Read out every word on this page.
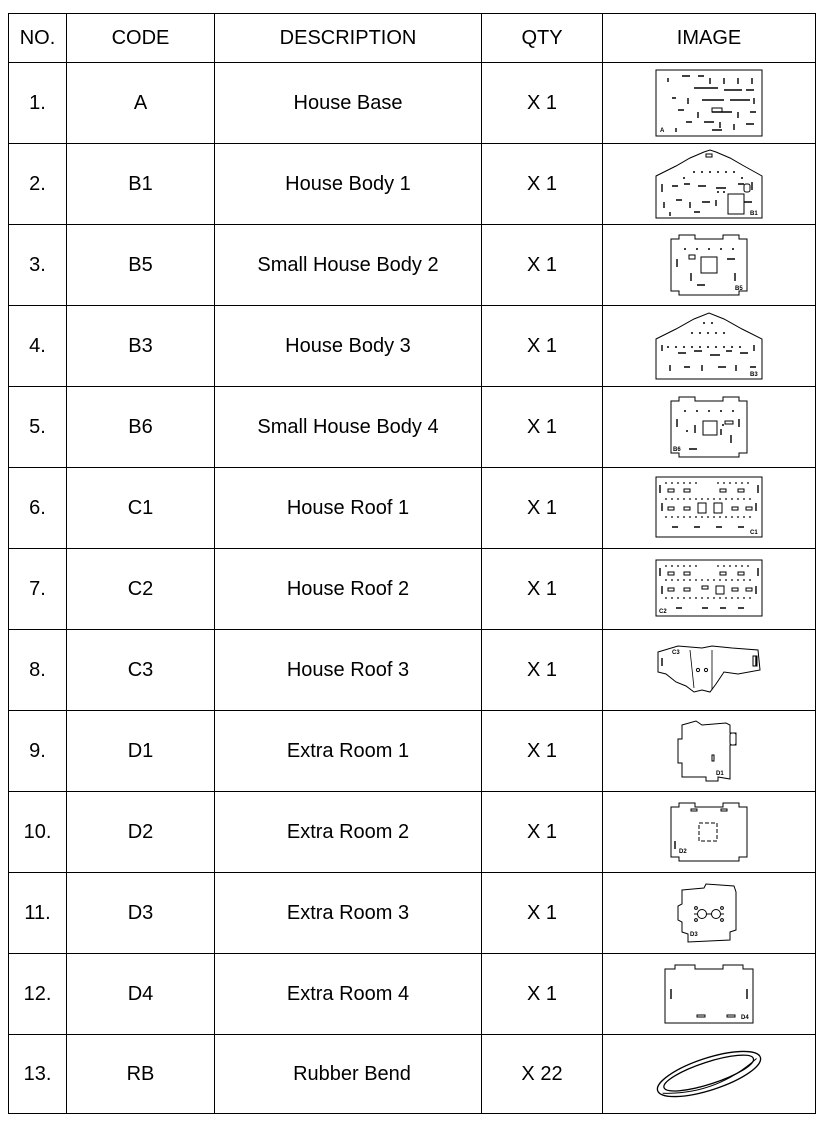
NO.	CODE	DESCRIPTION	QTY	IMAGE
1.	A	House Base	X 1	A

2.	B1	House Body 1	X 1	B1

3.	B5	Small House Body 2	X 1	B5

4.	B3	House Body 3	X 1	B3

5.	B6	Small House Body 4	X 1	B6

6.	C1	House Roof 1	X 1	C1

7.	C2	House Roof 2	X 1	C2

8.	C3	House Roof 3	X 1	C3

9.	D1	Extra Room 1	X 1	D1

10.	D2	Extra Room 2	X 1	D2

11.	D3	Extra Room 3	X 1	D3

12.	D4	Extra Room 4	X 1	D4

13.	RB	Rubber Bend	X 22	
